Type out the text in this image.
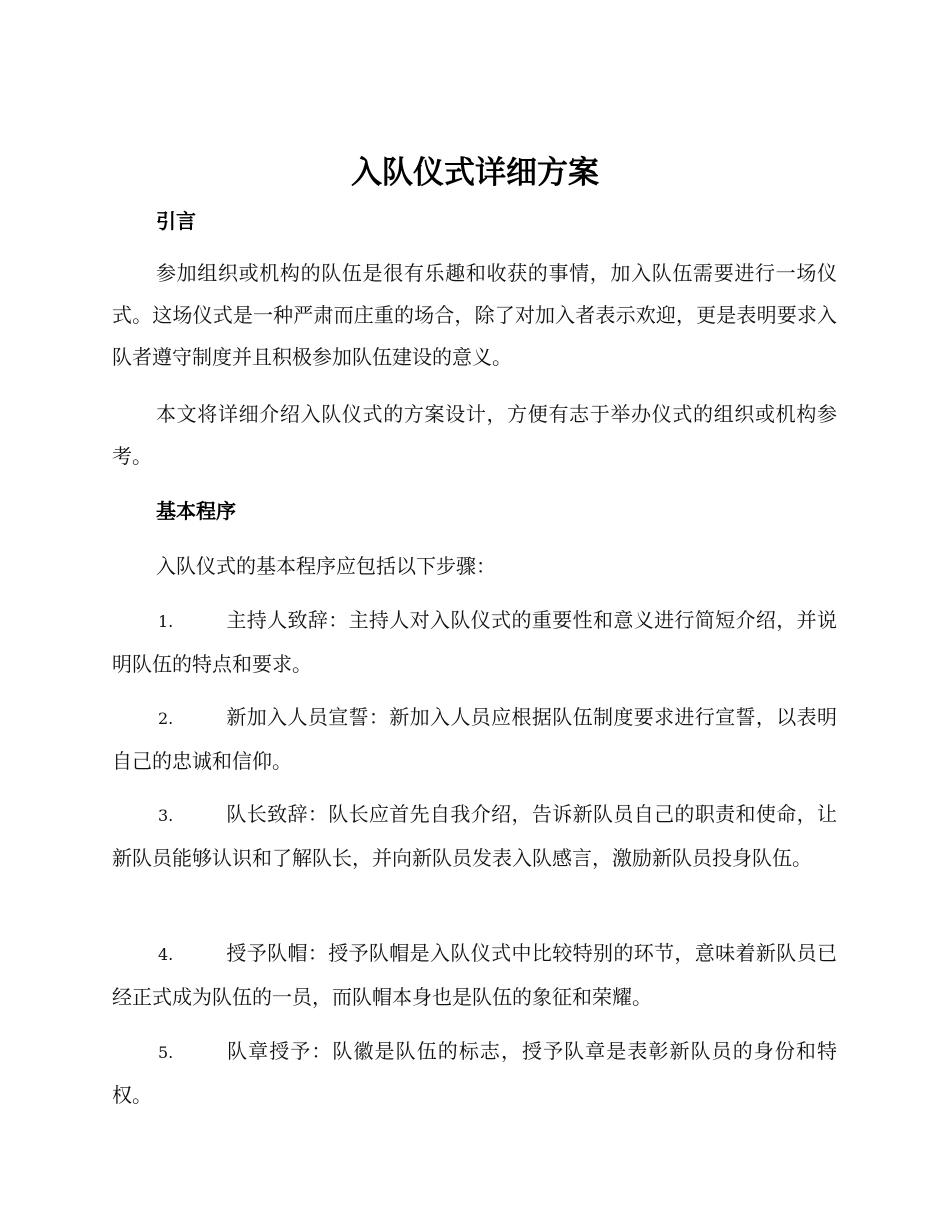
入队仪式详细方案
引言

参加组织或机构的队伍是很有乐趣和收获的事情，加入队伍需要进行一场仪式。这场仪式是一种严肃而庄重的场合，除了对加入者表示欢迎，更是表明要求入队者遵守制度并且积极参加队伍建设的意义。

本文将详细介绍入队仪式的方案设计，方便有志于举办仪式的组织或机构参考。

基本程序

入队仪式的基本程序应包括以下步骤：

1.	主持人致辞：主持人对入队仪式的重要性和意义进行简短介绍，并说明队伍的特点和要求。

2.	新加入人员宣誓：新加入人员应根据队伍制度要求进行宣誓，以表明自己的忠诚和信仰。

3.	队长致辞：队长应首先自我介绍，告诉新队员自己的职责和使命，让新队员能够认识和了解队长，并向新队员发表入队感言，激励新队员投身队伍。

4.	授予队帽：授予队帽是入队仪式中比较特别的环节，意味着新队员已经正式成为队伍的一员，而队帽本身也是队伍的象征和荣耀。

5.	队章授予：队徽是队伍的标志，授予队章是表彰新队员的身份和特权。
